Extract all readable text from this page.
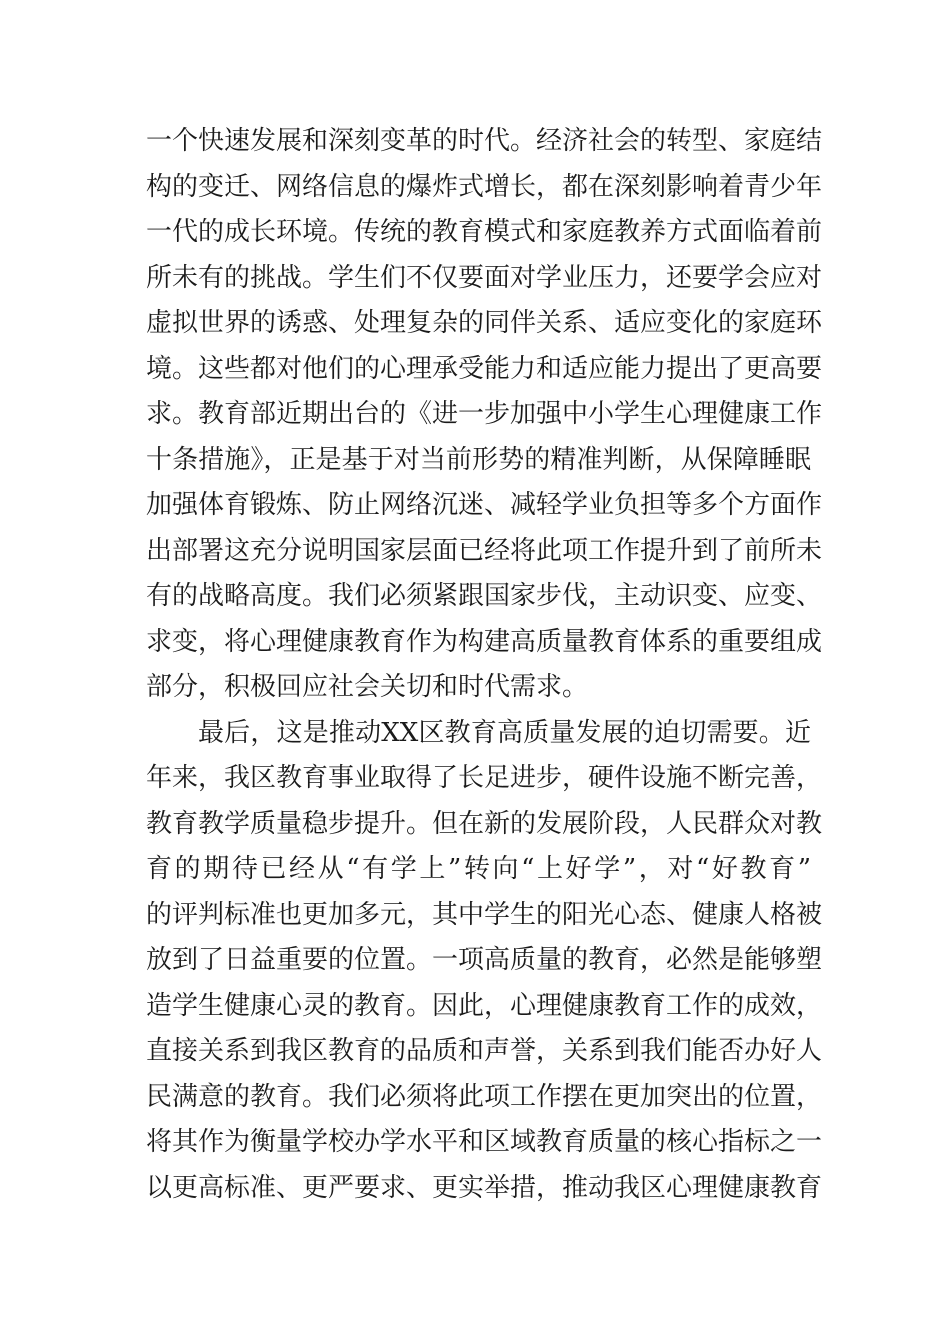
一个快速发展和深刻变革的时代。经济社会的转型、家庭结
构的变迁、网络信息的爆炸式增长，都在深刻影响着青少年
一代的成长环境。传统的教育模式和家庭教养方式面临着前
所未有的挑战。学生们不仅要面对学业压力，还要学会应对
虚拟世界的诱惑、处理复杂的同伴关系、适应变化的家庭环
境。这些都对他们的心理承受能力和适应能力提出了更高要
求。教育部近期出台的《进一步加强中小学生心理健康工作
十条措施》，正是基于对当前形势的精准判断，从保障睡眠
加强体育锻炼、防止网络沉迷、减轻学业负担等多个方面作
出部署这充分说明国家层面已经将此项工作提升到了前所未
有的战略高度。我们必须紧跟国家步伐，主动识变、应变、
求变，将心理健康教育作为构建高质量教育体系的重要组成
部分，积极回应社会关切和时代需求。
最后，这是推动XX区教育高质量发展的迫切需要。近
年来，我区教育事业取得了长足进步，硬件设施不断完善，
教育教学质量稳步提升。但在新的发展阶段，人民群众对教
育的期待已经从“有学上”转向“上好学”，对“好教育”
的评判标准也更加多元，其中学生的阳光心态、健康人格被
放到了日益重要的位置。一项高质量的教育，必然是能够塑
造学生健康心灵的教育。因此，心理健康教育工作的成效，
直接关系到我区教育的品质和声誉，关系到我们能否办好人
民满意的教育。我们必须将此项工作摆在更加突出的位置，
将其作为衡量学校办学水平和区域教育质量的核心指标之一
以更高标准、更严要求、更实举措，推动我区心理健康教育
